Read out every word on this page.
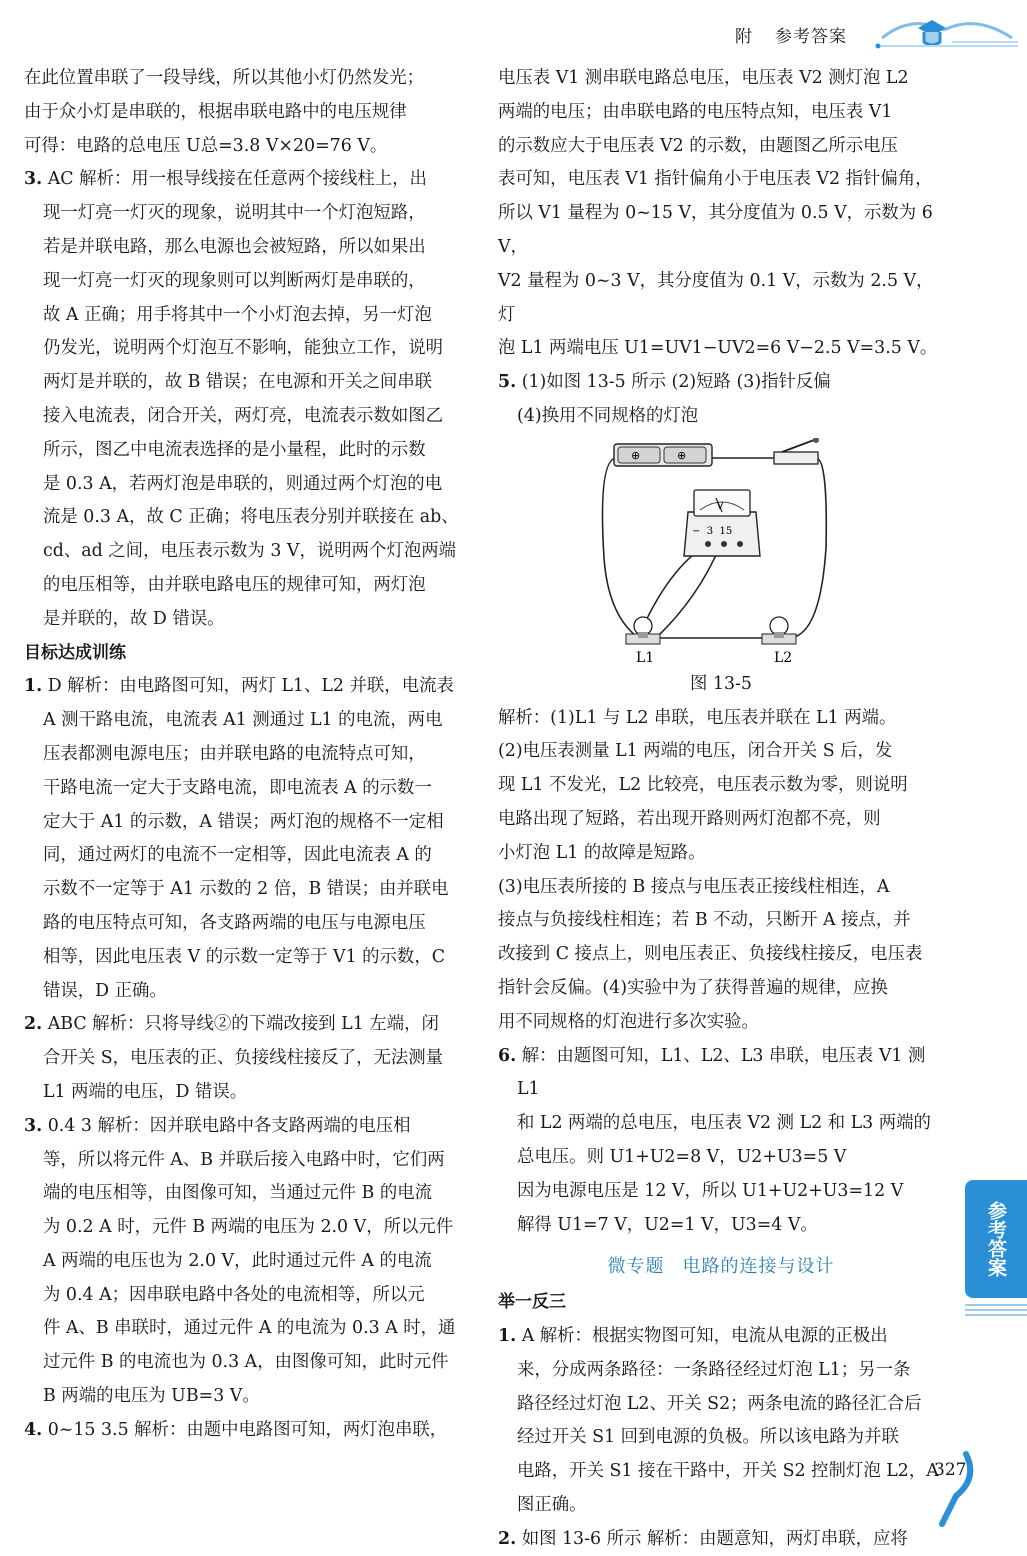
附 参考答案

在此位置串联了一段导线，所以其他小灯仍然发光；
由于众小灯是串联的，根据串联电路中的电压规律
可得：电路的总电压 U总=3.8 V×20=76 V。

3. AC 解析：用一根导线接在任意两个接线柱上，出
现一灯亮一灯灭的现象，说明其中一个灯泡短路，
若是并联电路，那么电源也会被短路，所以如果出
现一灯亮一灯灭的现象则可以判断两灯是串联的，
故 A 正确；用手将其中一个小灯泡去掉，另一灯泡
仍发光，说明两个灯泡互不影响，能独立工作，说明
两灯是并联的，故 B 错误；在电源和开关之间串联
接入电流表，闭合开关，两灯亮，电流表示数如图乙
所示，图乙中电流表选择的是小量程，此时的示数
是 0.3 A，若两灯泡是串联的，则通过两个灯泡的电
流是 0.3 A，故 C 正确；将电压表分别并联接在 ab、
cd、ad 之间，电压表示数为 3 V，说明两个灯泡两端
的电压相等，由并联电路电压的规律可知，两灯泡
是并联的，故 D 错误。

目标达成训练

1. D 解析：由电路图可知，两灯 L1、L2 并联，电流表
A 测干路电流，电流表 A1 测通过 L1 的电流，两电
压表都测电源电压；由并联电路的电流特点可知，
干路电流一定大于支路电流，即电流表 A 的示数一
定大于 A1 的示数，A 错误；两灯泡的规格不一定相
同，通过两灯的电流不一定相等，因此电流表 A 的
示数不一定等于 A1 示数的 2 倍，B 错误；由并联电
路的电压特点可知，各支路两端的电压与电源电压
相等，因此电压表 V 的示数一定等于 V1 的示数，C
错误，D 正确。

2. ABC 解析：只将导线②的下端改接到 L1 左端，闭
合开关 S，电压表的正、负接线柱接反了，无法测量
L1 两端的电压，D 错误。

3. 0.4 3 解析：因并联电路中各支路两端的电压相
等，所以将元件 A、B 并联后接入电路中时，它们两
端的电压相等，由图像可知，当通过元件 B 的电流
为 0.2 A 时，元件 B 两端的电压为 2.0 V，所以元件
A 两端的电压也为 2.0 V，此时通过元件 A 的电流
为 0.4 A；因串联电路中各处的电流相等，所以元
件 A、B 串联时，通过元件 A 的电流为 0.3 A 时，通
过元件 B 的电流也为 0.3 A，由图像可知，此时元件
B 两端的电压为 UB=3 V。

4. 0~15 3.5 解析：由题中电路图可知，两灯泡串联，

电压表 V1 测串联电路总电压，电压表 V2 测灯泡 L2
两端的电压；由串联电路的电压特点知，电压表 V1
的示数应大于电压表 V2 的示数，由题图乙所示电压
表可知，电压表 V1 指针偏角小于电压表 V2 指针偏角，
所以 V1 量程为 0~15 V，其分度值为 0.5 V，示数为 6 V，
V2 量程为 0~3 V，其分度值为 0.1 V，示数为 2.5 V，灯
泡 L1 两端电压 U1=UV1−UV2=6 V−2.5 V=3.5 V。

5. (1)如图 13-5 所示 (2)短路 (3)指针反偏
(4)换用不同规格的灯泡

⊕	⊕
V
−  3  15
L1	L2

图 13-5

解析：(1)L1 与 L2 串联，电压表并联在 L1 两端。
(2)电压表测量 L1 两端的电压，闭合开关 S 后，发
现 L1 不发光，L2 比较亮，电压表示数为零，则说明
电路出现了短路，若出现开路则两灯泡都不亮，则
小灯泡 L1 的故障是短路。
(3)电压表所接的 B 接点与电压表正接线柱相连，A
接点与负接线柱相连；若 B 不动，只断开 A 接点，并
改接到 C 接点上，则电压表正、负接线柱接反，电压表
指针会反偏。(4)实验中为了获得普遍的规律，应换
用不同规格的灯泡进行多次实验。

6. 解：由题图可知，L1、L2、L3 串联，电压表 V1 测 L1
和 L2 两端的总电压，电压表 V2 测 L2 和 L3 两端的
总电压。则 U1+U2=8 V，U2+U3=5 V
因为电源电压是 12 V，所以 U1+U2+U3=12 V
解得 U1=7 V，U2=1 V，U3=4 V。

微专题 电路的连接与设计

举一反三

1. A 解析：根据实物图可知，电流从电源的正极出
来，分成两条路径：一条路径经过灯泡 L1；另一条
路径经过灯泡 L2、开关 S2；两条电流的路径汇合后
经过开关 S1 回到电源的负极。所以该电路为并联
电路，开关 S1 接在干路中，开关 S2 控制灯泡 L2，A
图正确。

2. 如图 13-6 所示 解析：由题意知，两灯串联，应将

参考答案
327
